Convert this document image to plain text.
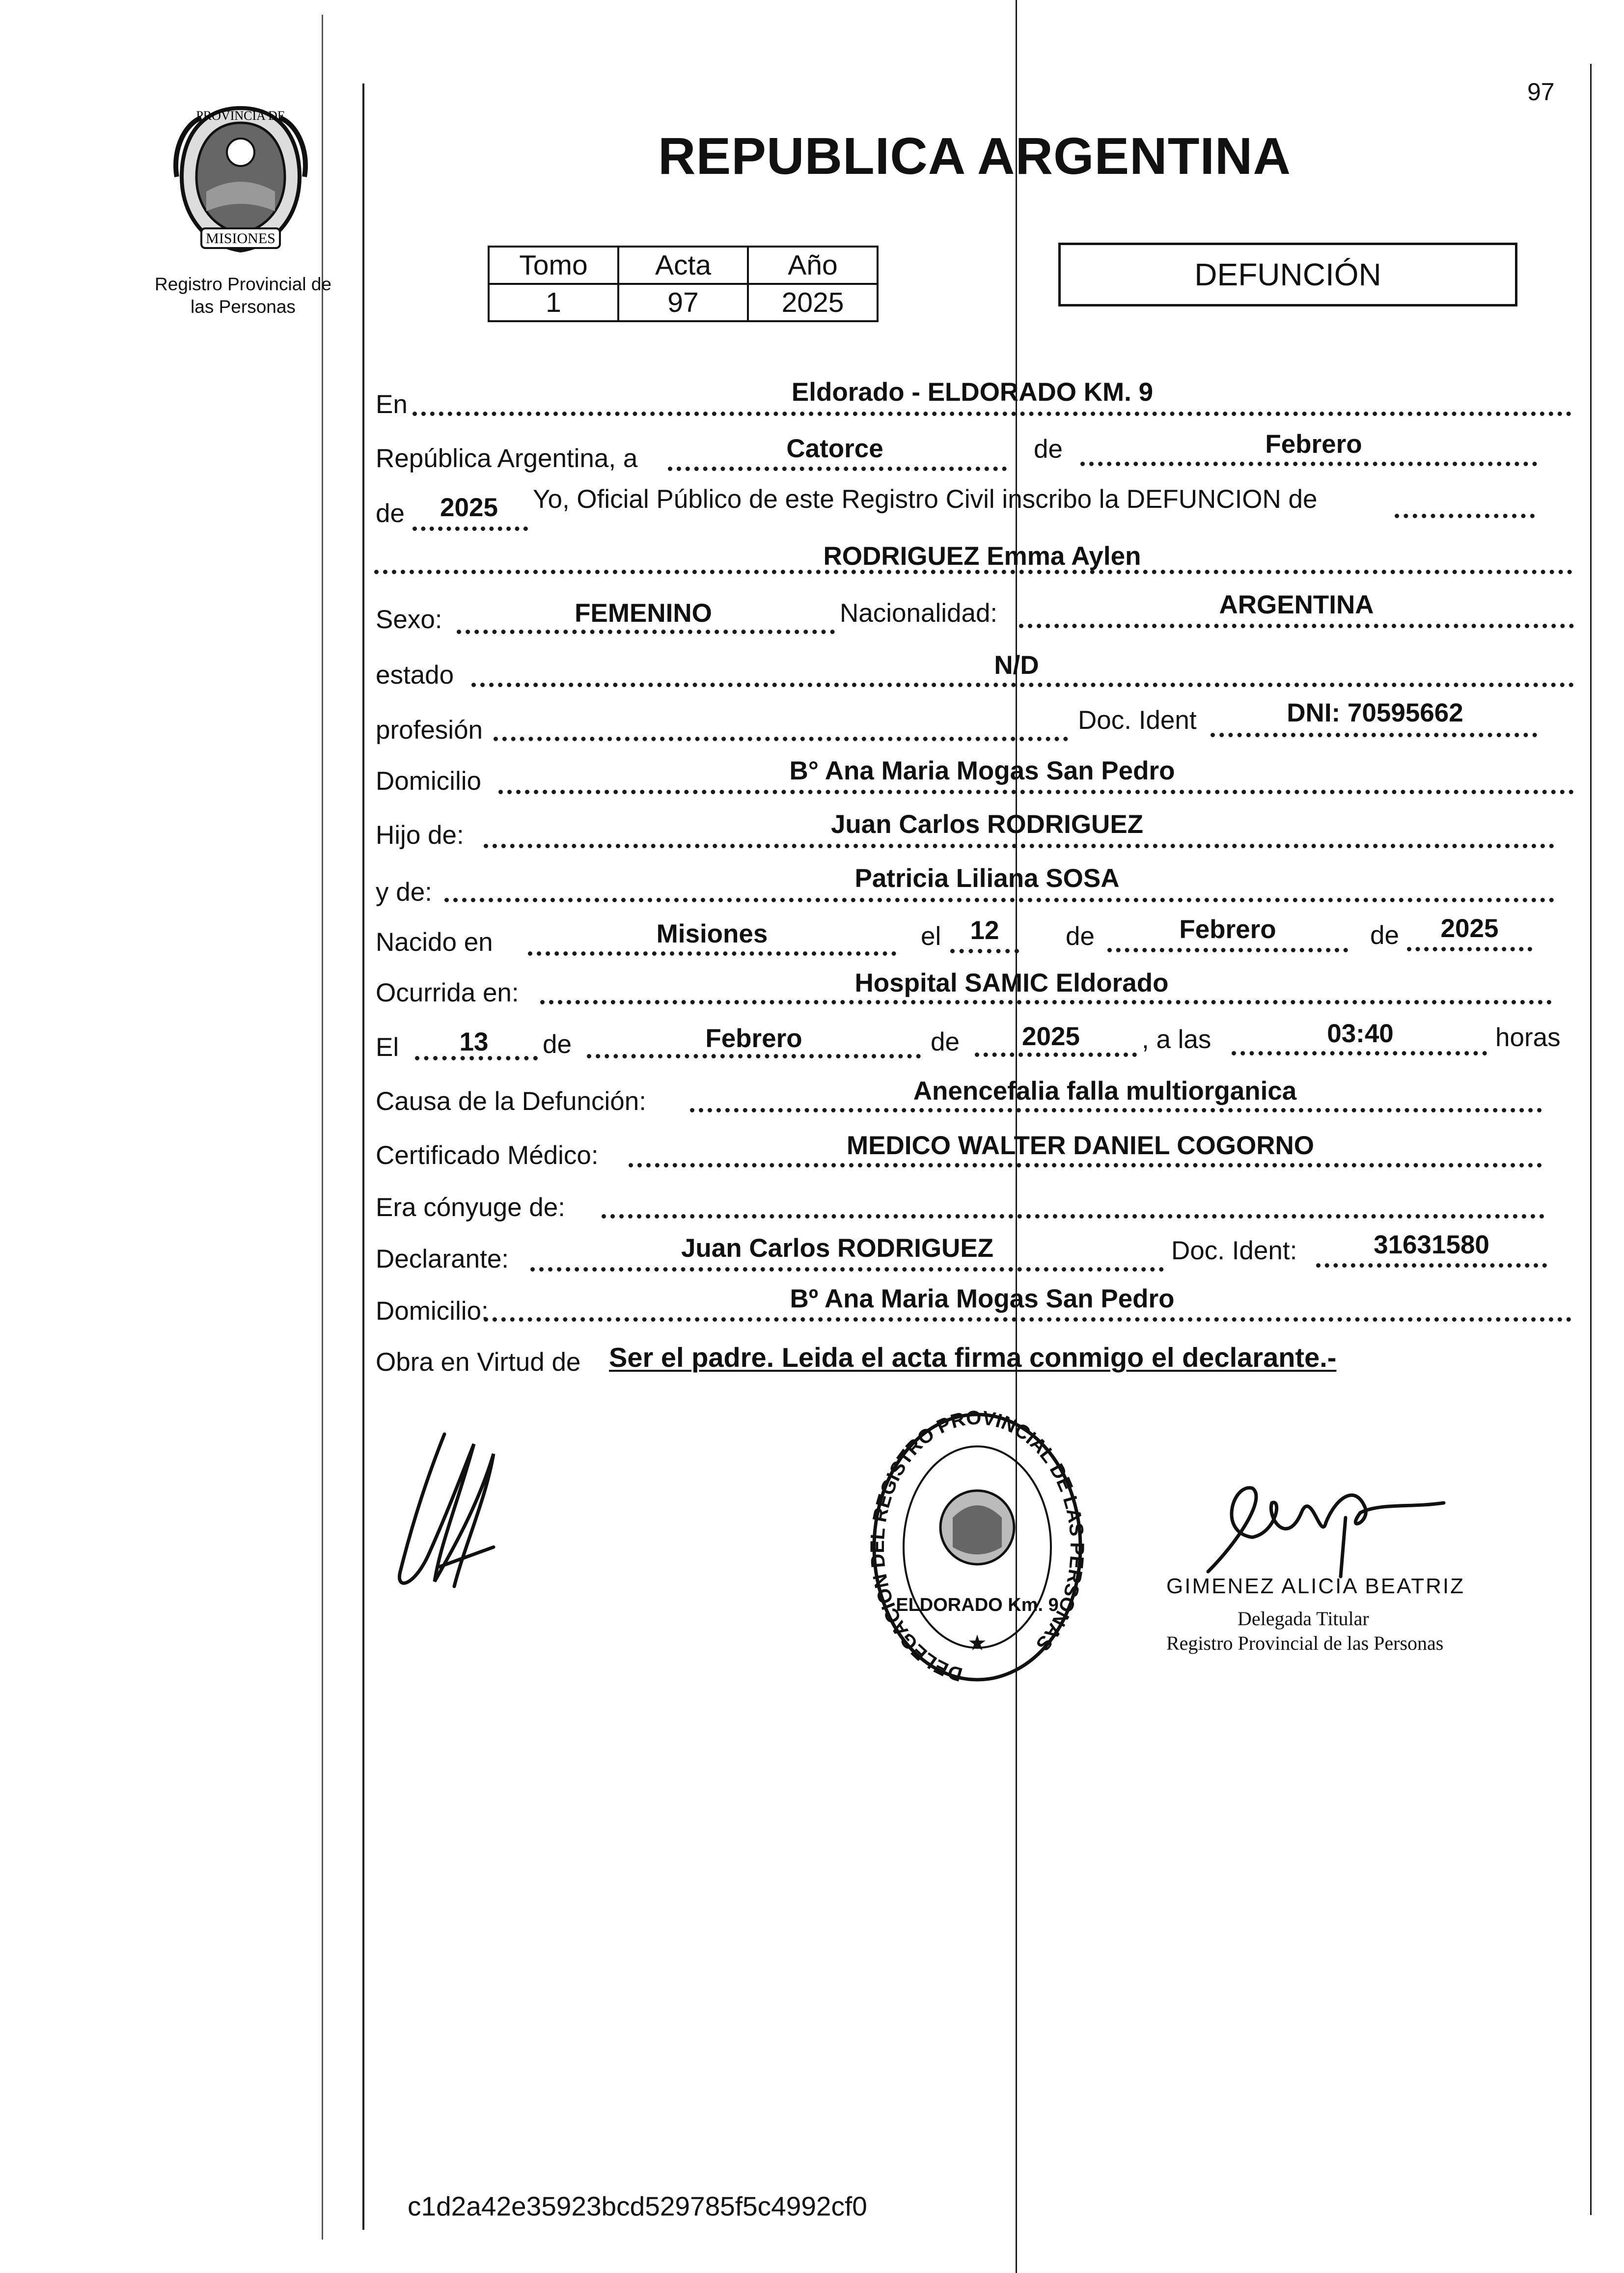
PROVINCIA DE
MISIONES
Registro Provincial de
las Personas
97
REPUBLICA ARGENTINA
Tomo	Acta	Año
1	97	2025
DEFUNCIÓN
En	Eldorado - ELDORADO KM. 9
República Argentina, a	Catorce	de	Febrero
de	2025	Yo, Oficial Público de este Registro Civil inscribo la DEFUNCION de
RODRIGUEZ Emma Aylen
Sexo:	FEMENINO	Nacionalidad:	ARGENTINA
estado	N/D
profesión	Doc. Ident	DNI: 70595662
Domicilio	B° Ana Maria Mogas San Pedro
Hijo de:	Juan Carlos RODRIGUEZ
y de:	Patricia Liliana SOSA
Nacido en	Misiones	el	12	de	Febrero	de	2025
Ocurrida en:	Hospital SAMIC Eldorado
El	13	de	Febrero	de	2025	, a las	03:40	horas
Causa de la Defunción:	Anencefalia falla multiorganica
Certificado Médico:	MEDICO WALTER DANIEL COGORNO
Era cónyuge de:
Declarante:	Juan Carlos RODRIGUEZ	Doc. Ident:	31631580
Domicilio:	Bº Ana Maria Mogas San Pedro
Obra en Virtud de Ser el padre. Leida el acta firma conmigo el declarante.-
DELEGACION DEL REGISTRO PROVINCIAL DE LAS PERSONAS
ELDORADO Km. 9
★
GIMENEZ ALICIA BEATRIZ
Delegada Titular
Registro Provincial de las Personas
c1d2a42e35923bcd529785f5c4992cf0
